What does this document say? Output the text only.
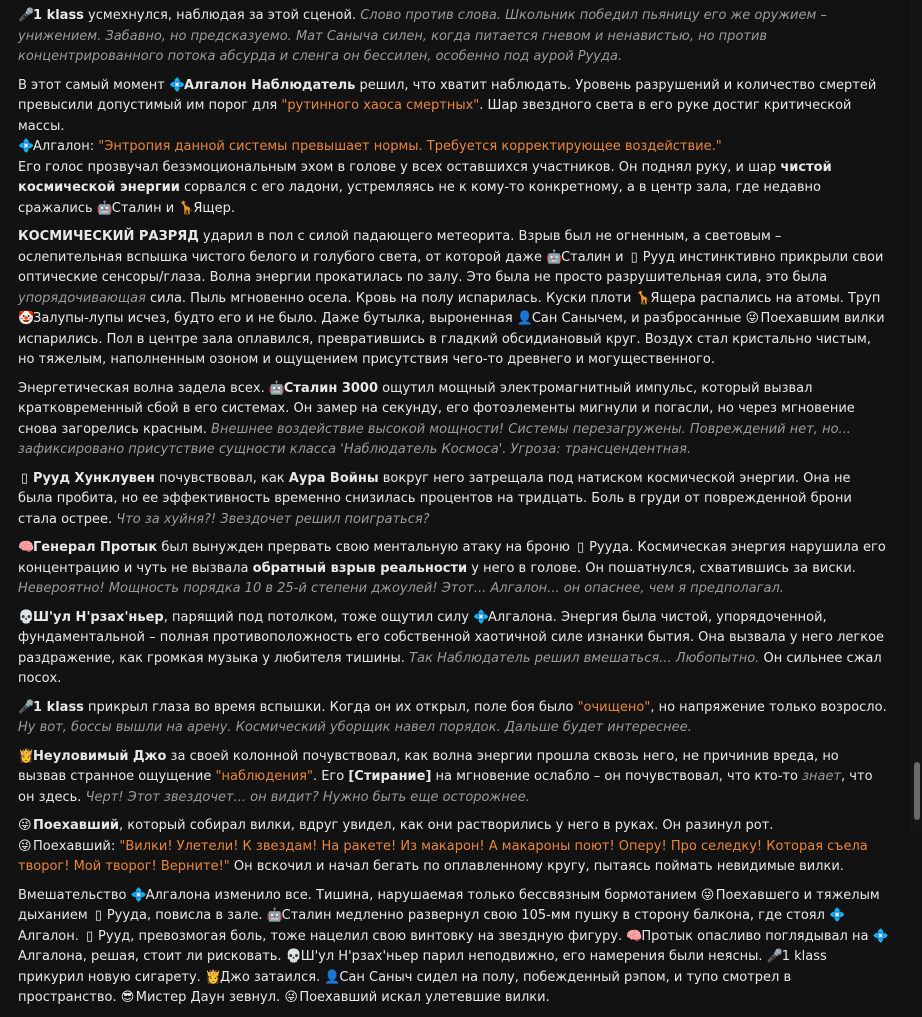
🎤1 klass усмехнулся, наблюдая за этой сценой. Слово против слова. Школьник победил пьяницу его же оружием – унижением. Забавно, но предсказуемо. Мат Саныча силен, когда питается гневом и ненавистью, но против концентрированного потока абсурда и сленга он бессилен, особенно под аурой Рууда.
В этот самый момент 💠Алгалон Наблюдатель решил, что хватит наблюдать. Уровень разрушений и количество смертей превысили допустимый им порог для "рутинного хаоса смертных". Шар звездного света в его руке достиг критической массы.
💠Алгалон: "Энтропия данной системы превышает нормы. Требуется корректирующее воздействие."
Его голос прозвучал безэмоциональным эхом в голове у всех оставшихся участников. Он поднял руку, и шар чистой космической энергии сорвался с его ладони, устремляясь не к кому-то конкретному, а в центр зала, где недавно сражались 🤖Сталин и 🦒Ящер.
КОСМИЧЕСКИЙ РАЗРЯД ударил в пол с силой падающего метеорита. Взрыв был не огненным, а световым – ослепительная вспышка чистого белого и голубого света, от которой даже 🤖Сталин и ▯ Рууд инстинктивно прикрыли свои оптические сенсоры/глаза. Волна энергии прокатилась по залу. Это была не просто разрушительная сила, это была упорядочивающая сила. Пыль мгновенно осела. Кровь на полу испарилась. Куски плоти 🦒Ящера распались на атомы. Труп 🤡Залупы-лупы исчез, будто его и не было. Даже бутылка, выроненная 👤Сан Санычем, и разбросанные 😜Поехавшим вилки испарились. Пол в центре зала оплавился, превратившись в гладкий обсидиановый круг. Воздух стал кристально чистым, но тяжелым, наполненным озоном и ощущением присутствия чего-то древнего и могущественного.
Энергетическая волна задела всех. 🤖Сталин 3000 ощутил мощный электромагнитный импульс, который вызвал кратковременный сбой в его системах. Он замер на секунду, его фотоэлементы мигнули и погасли, но через мгновение снова загорелись красным. Внешнее воздействие высокой мощности! Системы перезагружены. Повреждений нет, но... зафиксировано присутствие сущности класса 'Наблюдатель Космоса'. Угроза: трансцендентная.
▯ Рууд Хунклувен почувствовал, как Аура Войны вокруг него затрещала под натиском космической энергии. Она не была пробита, но ее эффективность временно снизилась процентов на тридцать. Боль в груди от поврежденной брони стала острее. Что за хуйня?! Звездочет решил поиграться?
🧠Генерал Протык был вынужден прервать свою ментальную атаку на броню ▯ Рууда. Космическая энергия нарушила его концентрацию и чуть не вызвала обратный взрыв реальности у него в голове. Он пошатнулся, схватившись за виски. Невероятно! Мощность порядка 10 в 25-й степени джоулей! Этот... Алгалон... он опаснее, чем я предполагал.
💀Ш'ул Н'рзах'ньер, парящий под потолком, тоже ощутил силу 💠Алгалона. Энергия была чистой, упорядоченной, фундаментальной – полная противоположность его собственной хаотичной силе изнанки бытия. Она вызвала у него легкое раздражение, как громкая музыка у любителя тишины. Так Наблюдатель решил вмешаться... Любопытно. Он сильнее сжал посох.
🎤1 klass прикрыл глаза во время вспышки. Когда он их открыл, поле боя было "очищено", но напряжение только возросло. Ну вот, боссы вышли на арену. Космический уборщик навел порядок. Дальше будет интереснее.
👸Неуловимый Джо за своей колонной почувствовал, как волна энергии прошла сквозь него, не причинив вреда, но вызвав странное ощущение "наблюдения". Его [Стирание] на мгновение ослабло – он почувствовал, что кто-то знает, что он здесь. Черт! Этот звездочет... он видит? Нужно быть еще осторожнее.
😜Поехавший, который собирал вилки, вдруг увидел, как они растворились у него в руках. Он разинул рот.
😜Поехавший: "Вилки! Улетели! К звездам! На ракете! Из макарон! А макароны поют! Оперу! Про селедку! Которая съела творог! Мой творог! Верните!" Он вскочил и начал бегать по оплавленному кругу, пытаясь поймать невидимые вилки.
Вмешательство 💠Алгалона изменило все. Тишина, нарушаемая только бессвязным бормотанием 😜Поехавшего и тяжелым дыханием ▯ Рууда, повисла в зале. 🤖Сталин медленно развернул свою 105-мм пушку в сторону балкона, где стоял 💠Алгалон. ▯ Рууд, превозмогая боль, тоже нацелил свою винтовку на звездную фигуру. 🧠Протык опасливо поглядывал на 💠Алгалона, решая, стоит ли рисковать. 💀Ш'ул Н'рзах'ньер парил неподвижно, его намерения были неясны. 🎤1 klass прикурил новую сигарету. 👸Джо затаился. 👤Сан Саныч сидел на полу, побежденный рэпом, и тупо смотрел в пространство. 😎Мистер Даун зевнул. 😜Поехавший искал улетевшие вилки.
